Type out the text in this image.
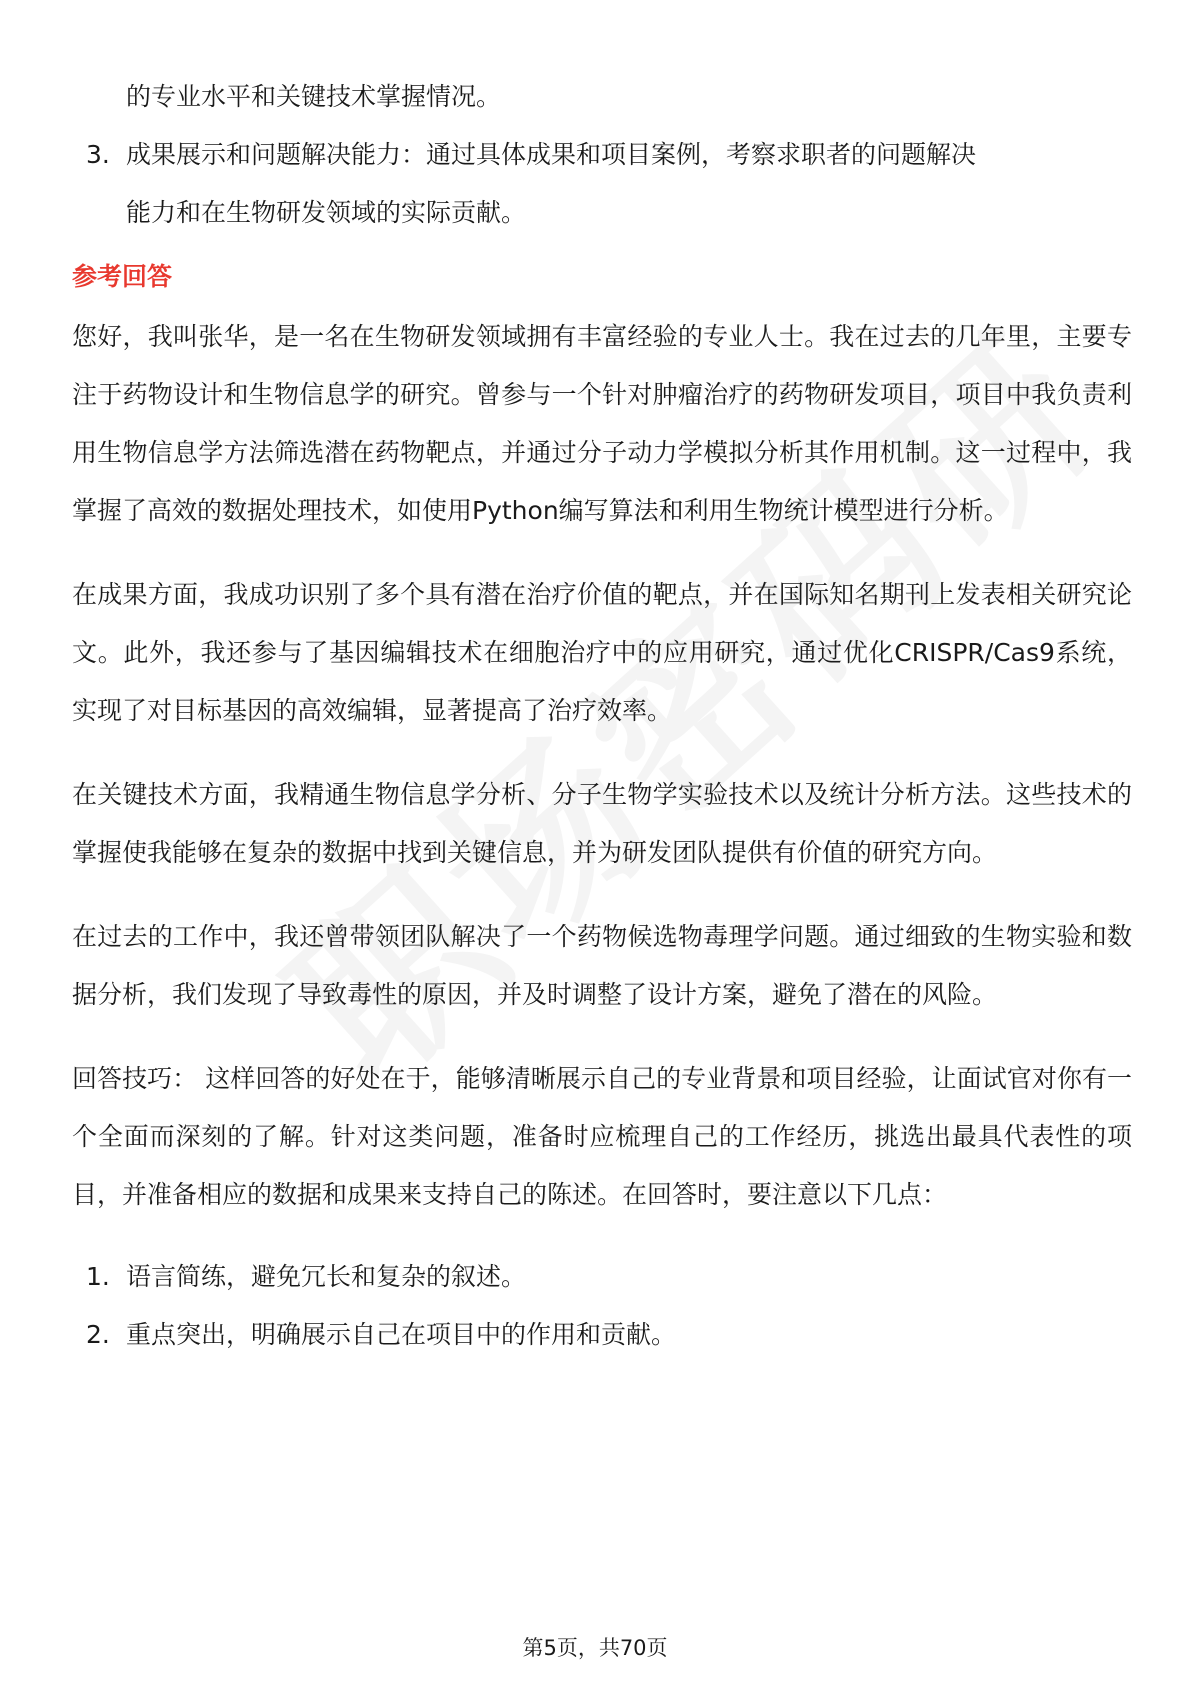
的专业水平和关键技术掌握情况。
3. 成果展示和问题解决能力：通过具体成果和项目案例，考察求职者的问题解决
能力和在生物研发领域的实际贡献。
参考回答

您好，我叫张华，是一名在生物研发领域拥有丰富经验的专业人士。我在过去的几年里，主要专注于药物设计和生物信息学的研究。曾参与一个针对肿瘤治疗的药物研发项目，项目中我负责利用生物信息学方法筛选潜在药物靶点，并通过分子动力学模拟分析其作用机制。这一过程中，我掌握了高效的数据处理技术，如使用Python编写算法和利用生物统计模型进行分析。

在成果方面，我成功识别了多个具有潜在治疗价值的靶点，并在国际知名期刊上发表相关研究论文。此外，我还参与了基因编辑技术在细胞治疗中的应用研究，通过优化CRISPR/Cas9系统，实现了对目标基因的高效编辑，显著提高了治疗效率。

在关键技术方面，我精通生物信息学分析、分子生物学实验技术以及统计分析方法。这些技术的掌握使我能够在复杂的数据中找到关键信息，并为研发团队提供有价值的研究方向。

在过去的工作中，我还曾带领团队解决了一个药物候选物毒理学问题。通过细致的生物实验和数据分析，我们发现了导致毒性的原因，并及时调整了设计方案，避免了潜在的风险。

回答技巧： 这样回答的好处在于，能够清晰展示自己的专业背景和项目经验，让面试官对你有一个全面而深刻的了解。针对这类问题，准备时应梳理自己的工作经历，挑选出最具代表性的项目，并准备相应的数据和成果来支持自己的陈述。在回答时，要注意以下几点：

1. 语言简练，避免冗长和复杂的叙述。
2. 重点突出，明确展示自己在项目中的作用和贡献。
第5页，共70页
